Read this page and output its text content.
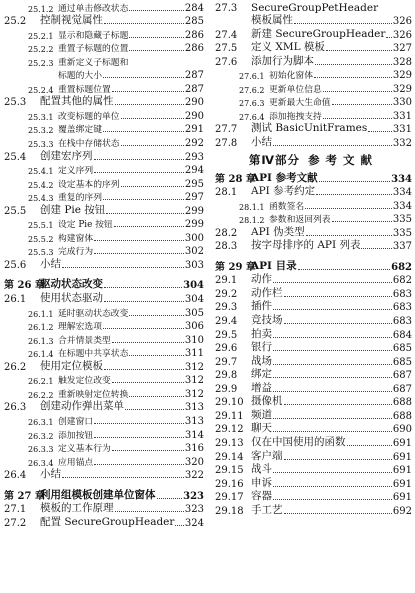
25.1.2 通过单击修改状态	284
25.2	控制视觉属性	285
25.2.1 显示和隐藏子标题	286
25.2.2 重置子标题的位置	286
25.2.3 重新定义子标题和
标题的大小	287
25.2.4 重置标题位置	287
25.3	配置其他的属性	290
25.3.1 改变标题的单位	290
25.3.2 覆盖绑定键	291
25.3.3 在栈中存储状态	292
25.4	创建宏序列	293
25.4.1 定义序列	294
25.4.2 设定基本的序列	295
25.4.3 重复的序列	297
25.5	创建 Pie 按钮	299
25.5.1 设定 Pie 按钮	299
25.5.2 构建窗体	300
25.5.3 完成行为	302
25.6	小结	303
第 26 章
驱动状态改变	304
26.1	使用状态驱动	304
26.1.1 延时驱动状态改变	305
26.1.2 理解宏选项	306
26.1.3 合并情景类型	310
26.1.4 在标题中共享状态	311
26.2	使用定位模板	312
26.2.1 触发定位改变	312
26.2.2 重新映射定位转换	312
26.3	创建动作弹出菜单	313
26.3.1 创建窗口	313
26.3.2 添加按钮	314
26.3.3 定义基本行为	316
26.3.4 应用锚点	320
26.4	小结	322
第 27 章
利用组模板创建单位窗体	323
27.1	模板的工作原理	323
27.2	配置 SecureGroupHeader 324
27.3	SecureGroupPetHeader
模板属性	326
27.4	新建 SecureGroupHeader 326
27.5	定义 XML 模板	327
27.6	添加行为脚本	328
27.6.1 初始化窗体	329
27.6.2 更新单位信息	329
27.6.3 更新最大生命值	330
27.6.4 添加拖拽支持	331
27.7	测试 BasicUnitFrames	331
27.8	小结	332
第Ⅳ部分 参考文献
第 28 章
API 参考文献	334
28.1	API 参考约定	334
28.1.1 函数签名	334
28.1.2 参数和返回列表	335
28.2	API 伪类型	335
28.3	按字母排序的 API 列表	337
第 29 章
API 目录	682
29.1	动作	682
29.2	动作栏	683
29.3	插件	683
29.4	竞技场	683
29.5	拍卖	684
29.6	银行	685
29.7	战场	685
29.8	绑定	687
29.9	增益	687
29.10 摄像机	688
29.11 频道	688
29.12 聊天	690
29.13 仅在中国使用的函数	691
29.14 客户端	691
29.15 战斗	691
29.16 申诉	691
29.17 容器	691
29.18 手工艺	692
